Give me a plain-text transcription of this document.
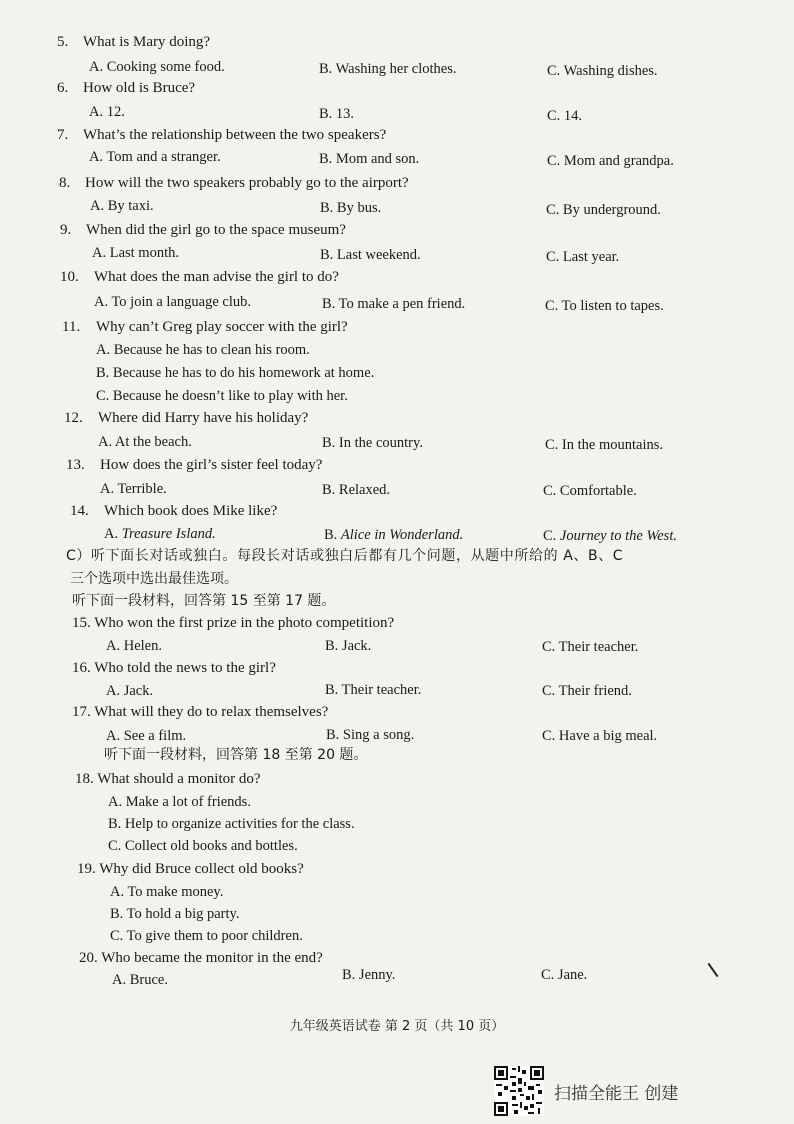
5. What is Mary doing?
A. Cooking some food.	B. Washing her clothes.	C. Washing dishes.
6. How old is Bruce?
A. 12.	B. 13.	C. 14.
7. What’s the relationship between the two speakers?
A. Tom and a stranger.	B. Mom and son.	C. Mom and grandpa.
8. How will the two speakers probably go to the airport?
A. By taxi.	B. By bus.	C. By underground.
9. When did the girl go to the space museum?
A. Last month.	B. Last weekend.	C. Last year.
10. What does the man advise the girl to do?
A. To join a language club.	B. To make a pen friend.	C. To listen to tapes.
11. Why can’t Greg play soccer with the girl?
A. Because he has to clean his room.
B. Because he has to do his homework at home.
C. Because he doesn’t like to play with her.
12. Where did Harry have his holiday?
A. At the beach.	B. In the country.	C. In the mountains.
13. How does the girl’s sister feel today?
A. Terrible.	B. Relaxed.	C. Comfortable.
14. Which book does Mike like?
A. Treasure Island.	B. Alice in Wonderland.	C. Journey to the West.
C）听下面长对话或独白。每段长对话或独白后都有几个问题，从题中所给的 A、B、C
三个选项中选出最佳选项。
听下面一段材料，回答第 15 至第 17 题。
15. Who won the first prize in the photo competition?
A. Helen.	B. Jack.	C. Their teacher.
16. Who told the news to the girl?
A. Jack.	B. Their teacher.	C. Their friend.
17. What will they do to relax themselves?
A. See a film.	B. Sing a song.	C. Have a big meal.
听下面一段材料，回答第 18 至第 20 题。
18. What should a monitor do?
A. Make a lot of friends.
B. Help to organize activities for the class.
C. Collect old books and bottles.
19. Why did Bruce collect old books?
A. To make money.
B. To hold a big party.
C. To give them to poor children.
20. Who became the monitor in the end?
A. Bruce.	B. Jenny.	C. Jane.
九年级英语试卷 第 2 页（共 10 页）
扫描全能王 创建
